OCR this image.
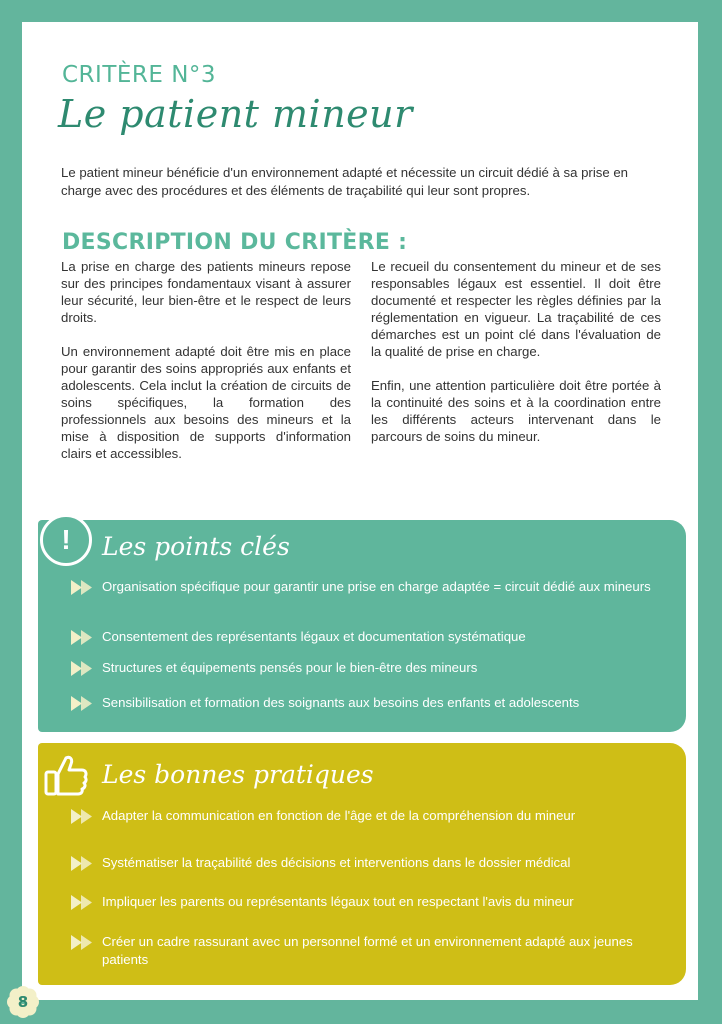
CRITÈRE N°3
Le patient mineur

Le patient mineur bénéficie d'un environnement adapté et nécessite un circuit dédié à sa prise en charge avec des procédures et des éléments de traçabilité qui leur sont propres.

DESCRIPTION DU CRITÈRE :

La prise en charge des patients mineurs repose sur des principes fondamentaux visant à assurer leur sécurité, leur bien-être et le respect de leurs droits.

Un environnement adapté doit être mis en place pour garantir des soins appropriés aux enfants et adolescents. Cela inclut la création de circuits de soins spécifiques, la formation des professionnels aux besoins des mineurs et la mise à disposition de supports d'information clairs et accessibles.

Le recueil du consentement du mineur et de ses responsables légaux est essentiel. Il doit être documenté et respecter les règles définies par la réglementation en vigueur. La traçabilité de ces démarches est un point clé dans l'évaluation de la qualité de prise en charge.

Enfin, une attention particulière doit être portée à la continuité des soins et à la coordination entre les différents acteurs intervenant dans le parcours de soins du mineur.

!	Les points clés
Organisation spécifique pour garantir une prise en charge adaptée = circuit dédié aux mineurs
Consentement des représentants légaux et documentation systématique
Structures et équipements pensés pour le bien-être des mineurs
Sensibilisation et formation des soignants aux besoins des enfants et adolescents
Les bonnes pratiques
Adapter la communication en fonction de l'âge et de la compréhension du mineur
Systématiser la traçabilité des décisions et interventions dans le dossier médical
Impliquer les parents ou représentants légaux tout en respectant l'avis du mineur
Créer un cadre rassurant avec un personnel formé et un environnement adapté aux jeunes patients
8
